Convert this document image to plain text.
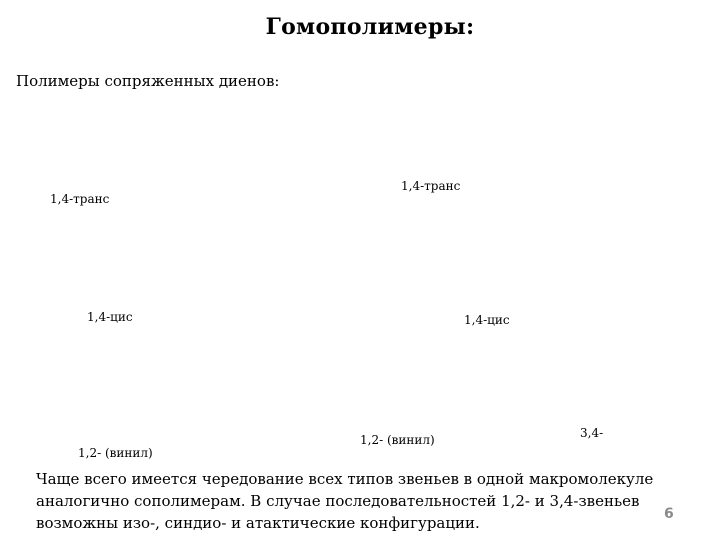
Гомополимеры:
Полимеры сопряженных диенов:
1,4-транс
1,4-транс
1,4-цис	1,4-цис
3,4-
1,2- (винил)
1,2- (винил)
Чаще всего имеется чередование всех типов звеньев в одной макромолекуле
аналогично сополимерам. В случае последовательностей 1,2- и 3,4-звеньев
возможны изо-, синдио- и атактические конфигурации.	6
